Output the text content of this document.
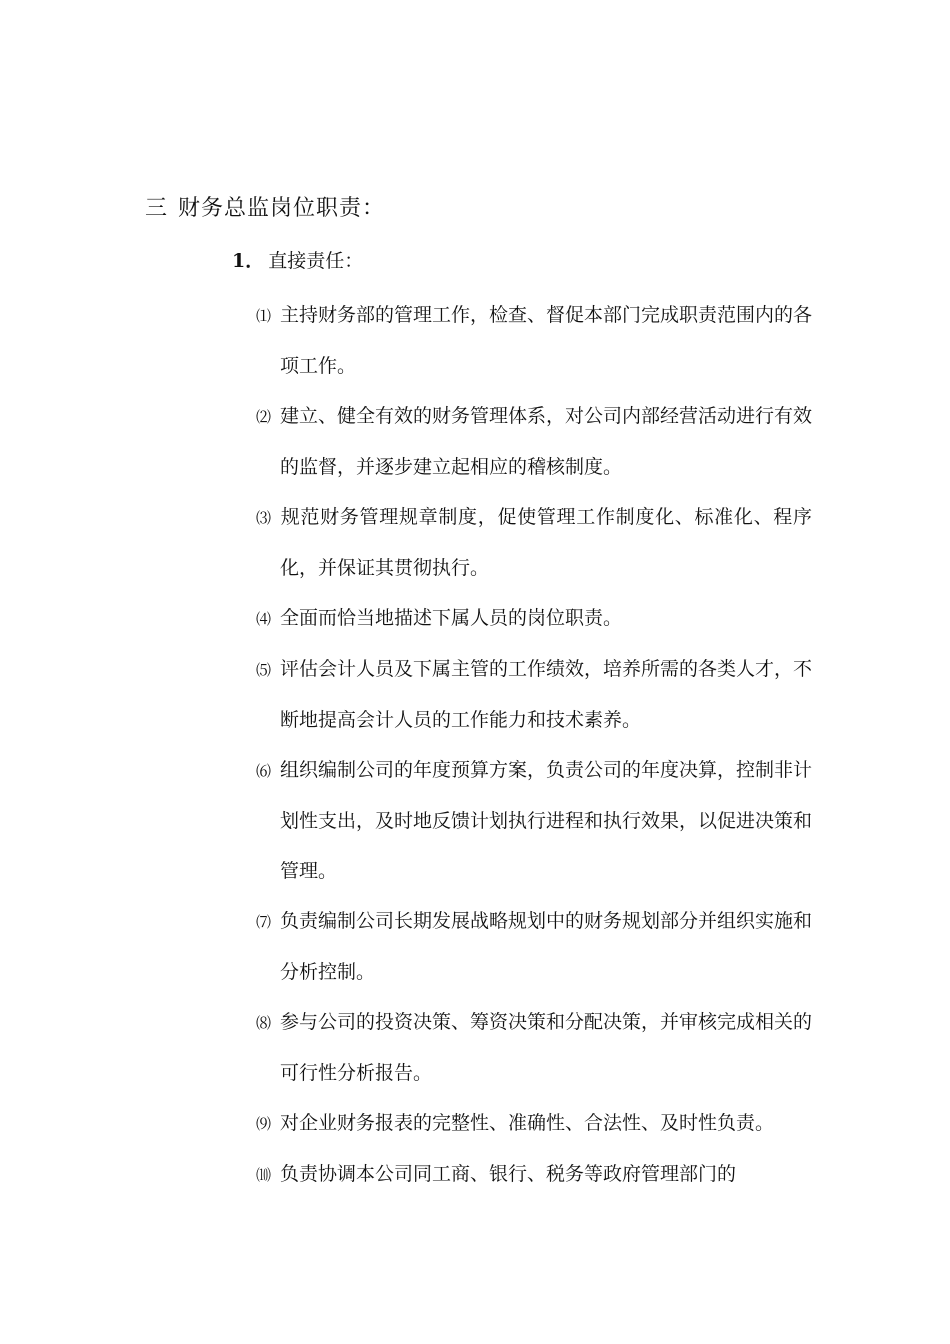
三 财务总监岗位职责：
1． 直接责任：
⑴ 主持财务部的管理工作，检查、督促本部门完成职责范围内的各项工作。
⑵ 建立、健全有效的财务管理体系，对公司内部经营活动进行有效的监督，并逐步建立起相应的稽核制度。
⑶ 规范财务管理规章制度，促使管理工作制度化、标准化、程序化，并保证其贯彻执行。
⑷ 全面而恰当地描述下属人员的岗位职责。
⑸ 评估会计人员及下属主管的工作绩效，培养所需的各类人才，不断地提高会计人员的工作能力和技术素养。
⑹ 组织编制公司的年度预算方案，负责公司的年度决算，控制非计划性支出，及时地反馈计划执行进程和执行效果，以促进决策和管理。
⑺ 负责编制公司长期发展战略规划中的财务规划部分并组织实施和分析控制。
⑻ 参与公司的投资决策、筹资决策和分配决策，并审核完成相关的可行性分析报告。
⑼ 对企业财务报表的完整性、准确性、合法性、及时性负责。
⑽ 负责协调本公司同工商、银行、税务等政府管理部门的
